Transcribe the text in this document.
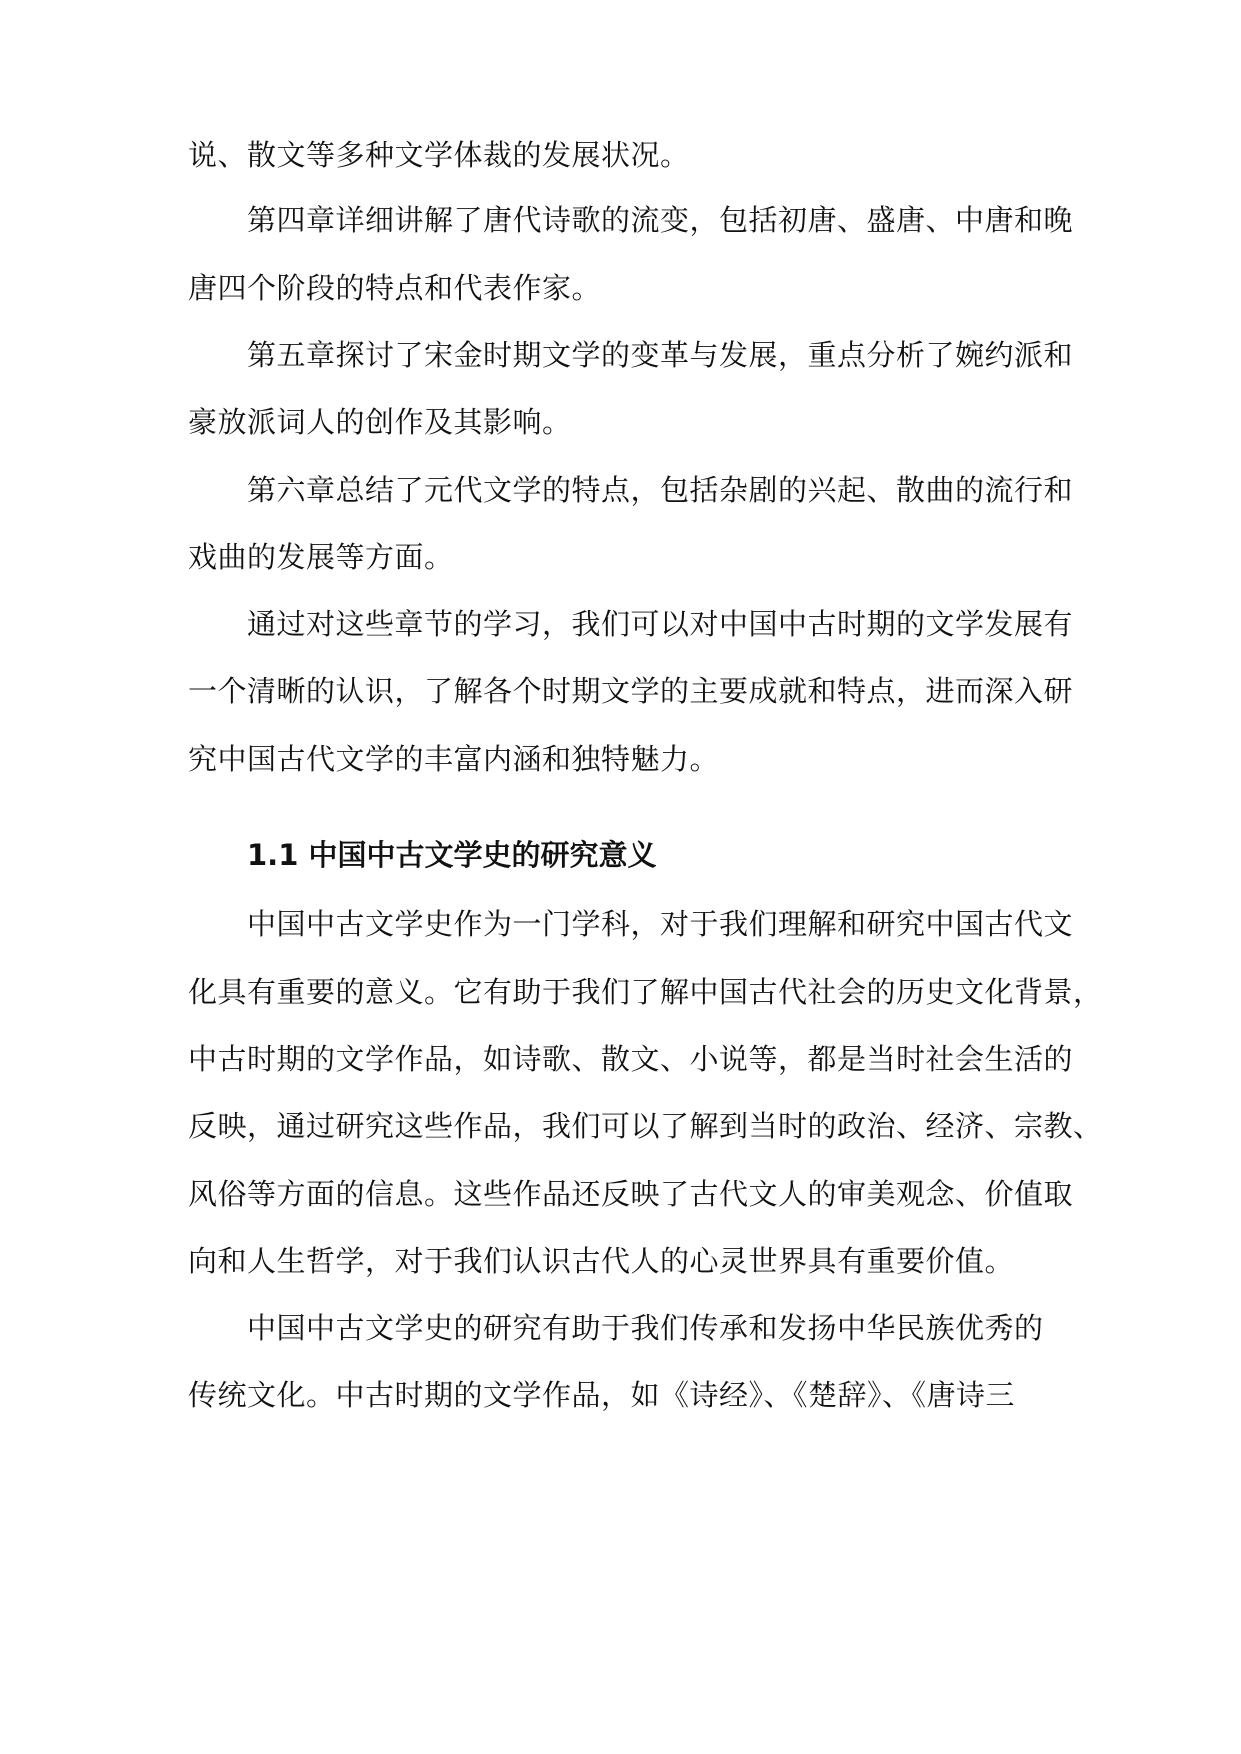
说、散文等多种文学体裁的发展状况。
第四章详细讲解了唐代诗歌的流变，包括初唐、盛唐、中唐和晚
唐四个阶段的特点和代表作家。
第五章探讨了宋金时期文学的变革与发展，重点分析了婉约派和
豪放派词人的创作及其影响。
第六章总结了元代文学的特点，包括杂剧的兴起、散曲的流行和
戏曲的发展等方面。
通过对这些章节的学习，我们可以对中国中古时期的文学发展有
一个清晰的认识，了解各个时期文学的主要成就和特点，进而深入研
究中国古代文学的丰富内涵和独特魅力。
1.1 中国中古文学史的研究意义
中国中古文学史作为一门学科，对于我们理解和研究中国古代文
化具有重要的意义。它有助于我们了解中国古代社会的历史文化背景，
中古时期的文学作品，如诗歌、散文、小说等，都是当时社会生活的
反映，通过研究这些作品，我们可以了解到当时的政治、经济、宗教、
风俗等方面的信息。这些作品还反映了古代文人的审美观念、价值取
向和人生哲学，对于我们认识古代人的心灵世界具有重要价值。
中国中古文学史的研究有助于我们传承和发扬中华民族优秀的
传统文化。中古时期的文学作品，如《诗经》、《楚辞》、《唐诗三
